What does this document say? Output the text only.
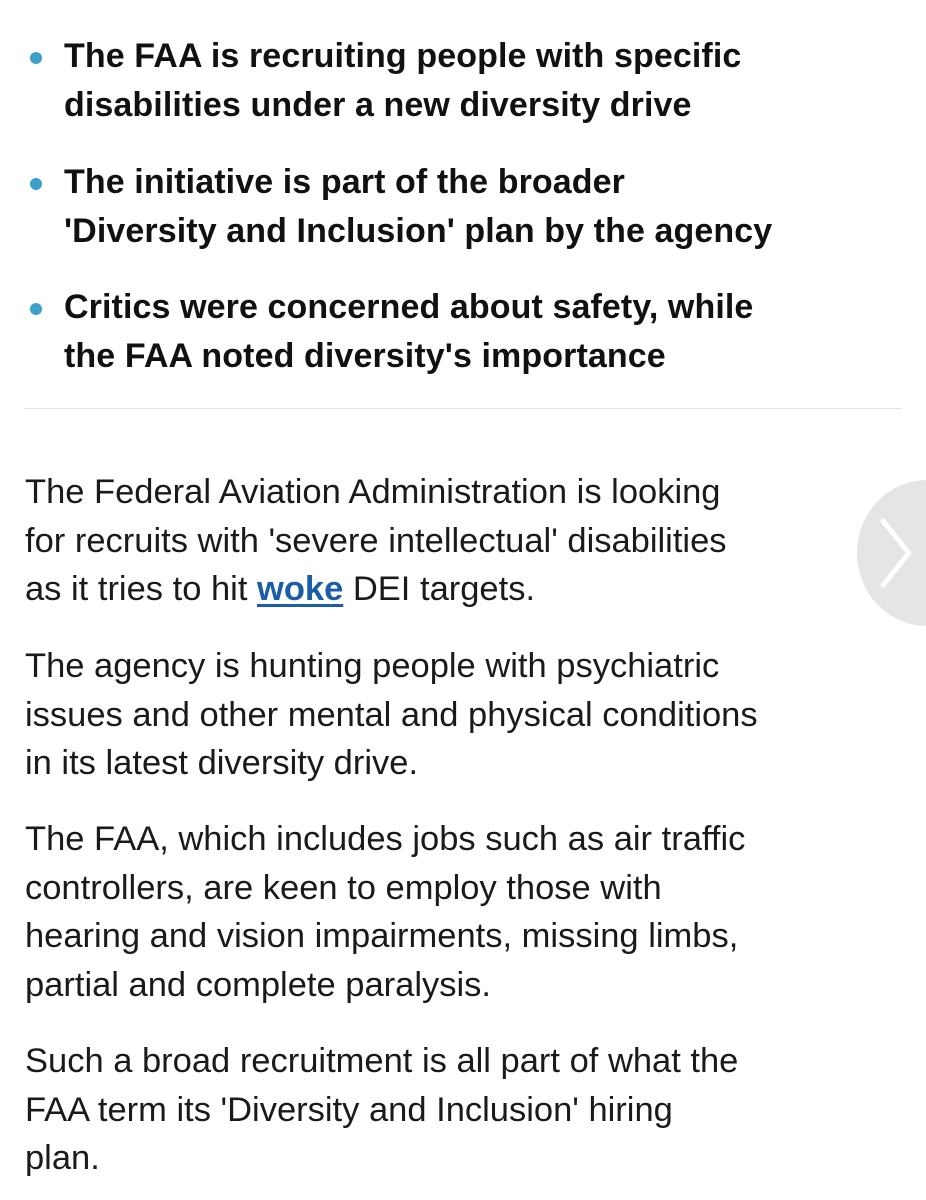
The FAA is recruiting people with specific
disabilities under a new diversity drive
The initiative is part of the broader
'Diversity and Inclusion' plan by the agency
Critics were concerned about safety, while
the FAA noted diversity's importance
The Federal Aviation Administration is looking
for recruits with 'severe intellectual' disabilities
as it tries to hit woke DEI targets.
The agency is hunting people with psychiatric
issues and other mental and physical conditions
in its latest diversity drive.
The FAA, which includes jobs such as air traffic
controllers, are keen to employ those with
hearing and vision impairments, missing limbs,
partial and complete paralysis.
Such a broad recruitment is all part of what the
FAA term its 'Diversity and Inclusion' hiring
plan.
